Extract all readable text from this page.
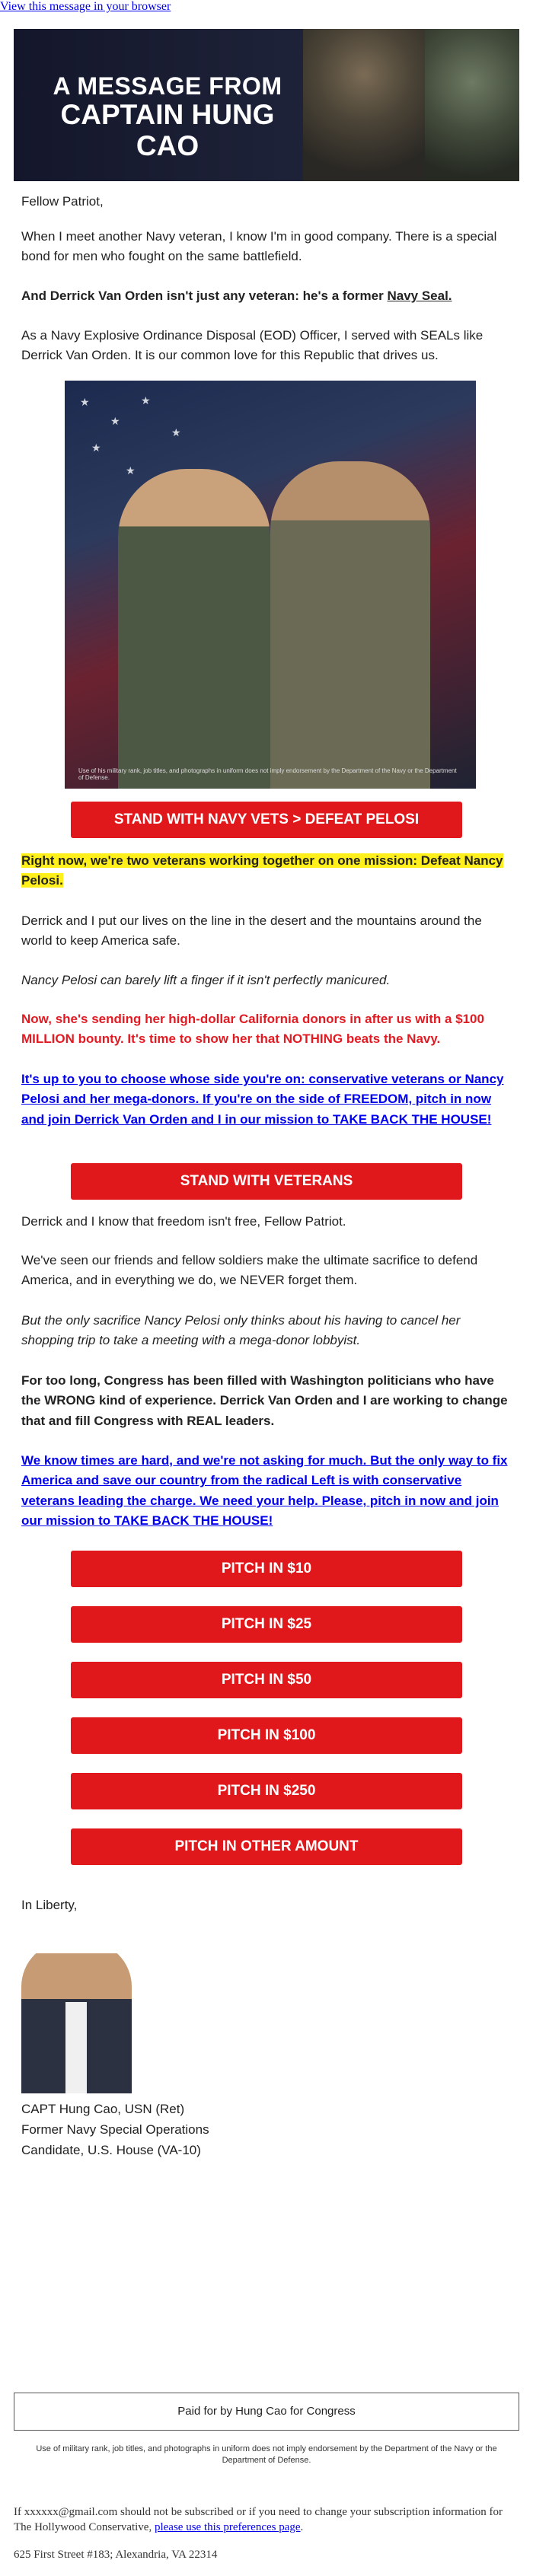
View this message in your browser
A MESSAGE FROM
CAPTAIN HUNG CAO

Fellow Patriot,

When I meet another Navy veteran, I know I'm in good company. There is a special bond for men who fought on the same battlefield.

And Derrick Van Orden isn't just any veteran: he's a former Navy Seal.

As a Navy Explosive Ordinance Disposal (EOD) Officer, I served with SEALs like Derrick Van Orden. It is our common love for this Republic that drives us.

★
★
★
★
★
★
Use of his military rank, job titles, and photographs in uniform does not imply endorsement by the Department of the Navy or the Department of Defense.
STAND WITH NAVY VETS > DEFEAT PELOSI

Right now, we're two veterans working together on one mission: Defeat Nancy Pelosi.

Derrick and I put our lives on the line in the desert and the mountains around the world to keep America safe.

Nancy Pelosi can barely lift a finger if it isn't perfectly manicured.

Now, she's sending her high-dollar California donors in after us with a $100 MILLION bounty. It's time to show her that NOTHING beats the Navy.

It's up to you to choose whose side you're on: conservative veterans or Nancy Pelosi and her mega-donors. If you're on the side of FREEDOM, pitch in now and join Derrick Van Orden and I in our mission to TAKE BACK THE HOUSE!

STAND WITH VETERANS

Derrick and I know that freedom isn't free, Fellow Patriot.

We've seen our friends and fellow soldiers make the ultimate sacrifice to defend America, and in everything we do, we NEVER forget them.

But the only sacrifice Nancy Pelosi only thinks about his having to cancel her shopping trip to take a meeting with a mega-donor lobbyist.

For too long, Congress has been filled with Washington politicians who have the WRONG kind of experience. Derrick Van Orden and I are working to change that and fill Congress with REAL leaders.

We know times are hard, and we're not asking for much. But the only way to fix America and save our country from the radical Left is with conservative veterans leading the charge. We need your help. Please, pitch in now and join our mission to TAKE BACK THE HOUSE!

PITCH IN $10
PITCH IN $25
PITCH IN $50
PITCH IN $100
PITCH IN $250
PITCH IN OTHER AMOUNT

In Liberty,

CAPT Hung Cao, USN (Ret)

Former Navy Special Operations

Candidate, U.S. House (VA-10)

Paid for by Hung Cao for Congress
Use of military rank, job titles, and photographs in uniform does not imply endorsement by the Department of the Navy or the Department of Defense.
If xxxxxx@gmail.com should not be subscribed or if you need to change your subscription information for The Hollywood Conservative, please use this preferences page.
625 First Street #183; Alexandria, VA 22314
